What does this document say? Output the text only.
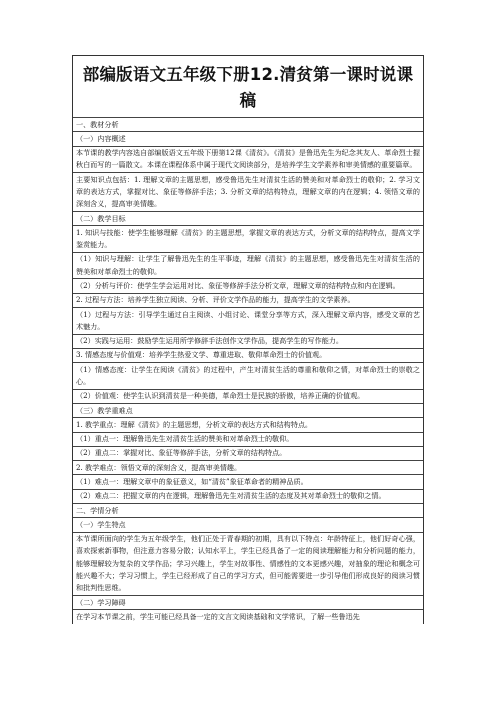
部编版语文五年级下册12.清贫第一课时说课稿
一、教材分析
（一）内容概述
本节课的教学内容选自部编版语文五年级下册第12课《清贫》。《清贫》是鲁迅先生为纪念其友人、革命烈士握秋白而写的一篇散文。本课在课程体系中属于现代文阅读部分，是培养学生文学素养和审美情感的重要篇章。
主要知识点包括：1. 理解文章的主题思想，感受鲁迅先生对清贫生活的赞美和对革命烈士的敬仰；2. 学习文章的表达方式，掌握对比、象征等修辞手法；3. 分析文章的结构特点，理解文章的内在逻辑；4. 领悟文章的深刻含义，提高审美情趣。
（二）教学目标
1. 知识与技能：使学生能够理解《清贫》的主题思想，掌握文章的表达方式，分析文章的结构特点，提高文学鉴赏能力。
（1）知识与理解：让学生了解鲁迅先生的生平事迹，理解《清贫》的主题思想，感受鲁迅先生对清贫生活的赞美和对革命烈士的敬仰。
（2）分析与评价：使学生学会运用对比、象征等修辞手法分析文章，理解文章的结构特点和内在逻辑。
2. 过程与方法：培养学生独立阅读、分析、评价文学作品的能力，提高学生的文学素养。
（1）过程与方法：引导学生通过自主阅读、小组讨论、课堂分享等方式，深入理解文章内容，感受文章的艺术魅力。
（2）实践与运用：鼓励学生运用所学修辞手法创作文学作品，提高学生的写作能力。
3. 情感态度与价值观：培养学生热爱文学、尊重进取、敬仰革命烈士的价值观。
（1）情感态度：让学生在阅读《清贫》的过程中，产生对清贫生活的尊重和敬仰之情，对革命烈士的崇敬之心。
（2）价值观：使学生认识到清贫是一种美德，革命烈士是民族的骄傲，培养正确的价值观。
（三）教学重难点
1. 教学重点：理解《清贫》的主题思想，分析文章的表达方式和结构特点。
（1）重点一：理解鲁迅先生对清贫生活的赞美和对革命烈士的敬仰。
（2）重点二：掌握对比、象征等修辞手法，分析文章的结构特点。
2. 教学难点：领悟文章的深刻含义，提高审美情趣。
（1）难点一：理解文章中的象征意义，如“清贫”象征革命者的精神品质。
（2）难点二：把握文章的内在逻辑，理解鲁迅先生对清贫生活的态度及其对革命烈士的敬仰之情。
二、学情分析
（一）学生特点
本节课所面向的学生为五年级学生，他们正处于青春期的初期，具有以下特点：年龄特征上，他们好奇心强，喜欢探索新事物，但注意力容易分散；认知水平上，学生已经具备了一定的阅读理解能力和分析问题的能力，能够理解较为复杂的文学作品；学习兴趣上，学生对故事性、情感性的文本更感兴趣，对抽象的理论和概念可能兴趣不大；学习习惯上，学生已经形成了自己的学习方式，但可能需要进一步引导他们形成良好的阅读习惯和批判性思维。
（二）学习障碍
在学习本节课之前，学生可能已经具备一定的文言文阅读基础和文学常识，了解一些鲁迅先
